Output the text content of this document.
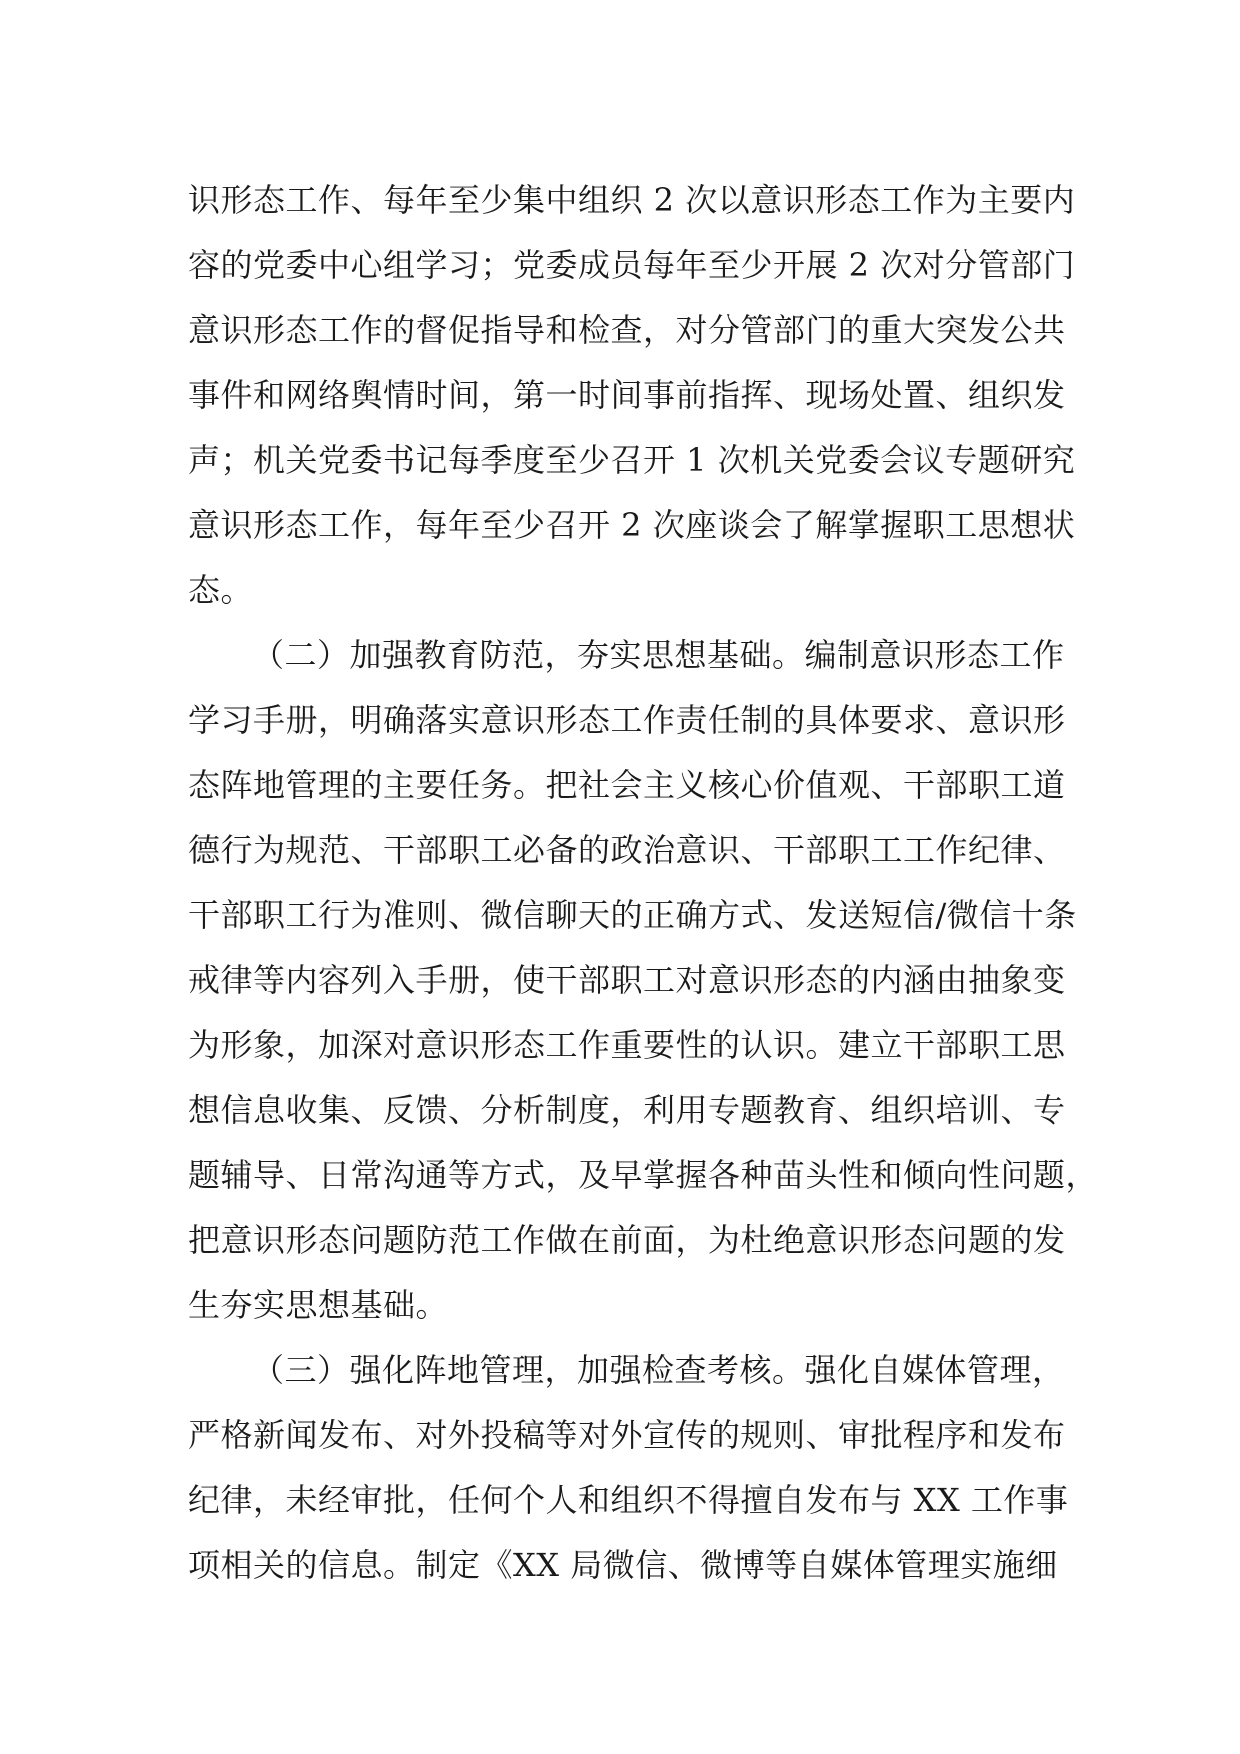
识形态工作、每年至少集中组织 2 次以意识形态工作为主要内
容的党委中心组学习；党委成员每年至少开展 2 次对分管部门
意识形态工作的督促指导和检查，对分管部门的重大突发公共
事件和网络舆情时间，第一时间事前指挥、现场处置、组织发
声；机关党委书记每季度至少召开 1 次机关党委会议专题研究
意识形态工作，每年至少召开 2 次座谈会了解掌握职工思想状
态。
（二）加强教育防范，夯实思想基础。编制意识形态工作
学习手册，明确落实意识形态工作责任制的具体要求、意识形
态阵地管理的主要任务。把社会主义核心价值观、干部职工道
德行为规范、干部职工必备的政治意识、干部职工工作纪律、
干部职工行为准则、微信聊天的正确方式、发送短信/微信十条
戒律等内容列入手册，使干部职工对意识形态的内涵由抽象变
为形象，加深对意识形态工作重要性的认识。建立干部职工思
想信息收集、反馈、分析制度，利用专题教育、组织培训、专
题辅导、日常沟通等方式，及早掌握各种苗头性和倾向性问题，
把意识形态问题防范工作做在前面，为杜绝意识形态问题的发
生夯实思想基础。
（三）强化阵地管理，加强检查考核。强化自媒体管理，
严格新闻发布、对外投稿等对外宣传的规则、审批程序和发布
纪律，未经审批，任何个人和组织不得擅自发布与 XX 工作事
项相关的信息。制定《XX 局微信、微博等自媒体管理实施细
